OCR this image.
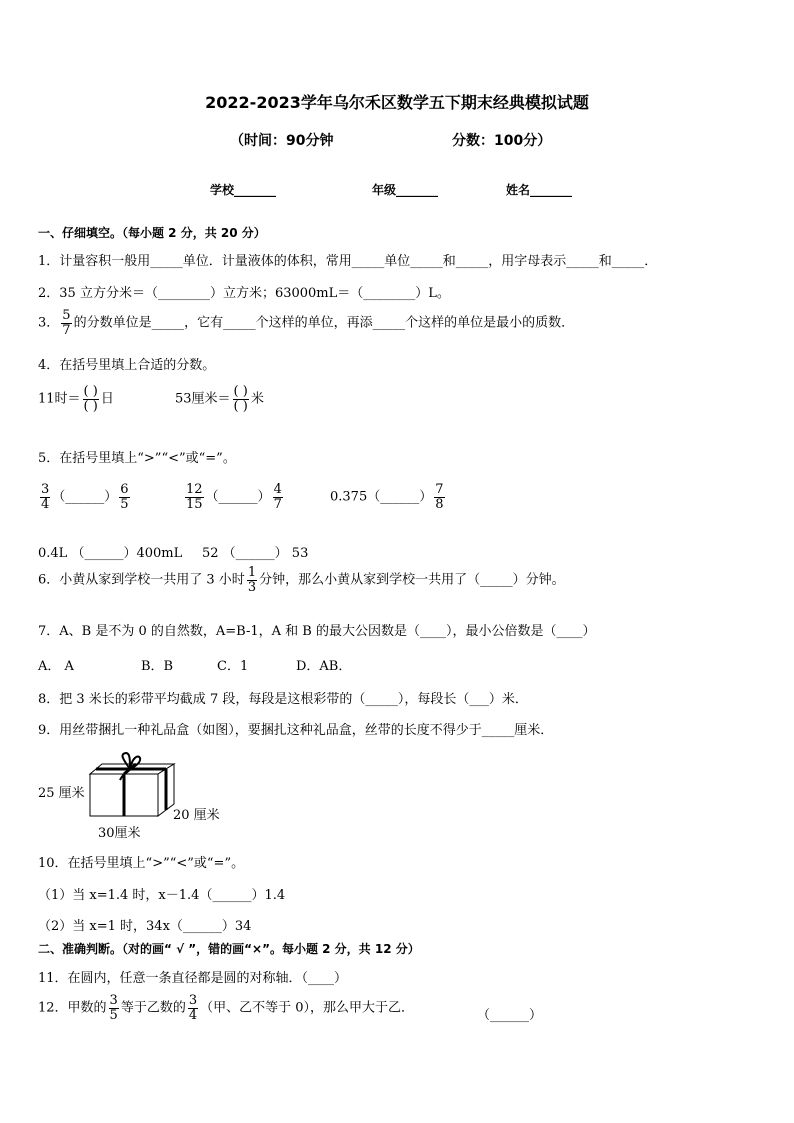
2022-2023学年乌尔禾区数学五下期末经典模拟试题
（时间：90分钟	分数：100分）
学校_______	年级_______	姓名_______
一、仔细填空。（每小题 2 分，共 20 分）
1．计量容积一般用_____单位．计量液体的体积，常用_____单位_____和_____，用字母表示_____和_____．
2．35 立方分米＝（________）立方米；63000mL＝（________）L。
3． $\frac{5}{7}$ 的分数单位是_____，它有_____个这样的单位，再添_____个这样的单位是最小的质数．
4．在括号里填上合适的分数。
11时＝ $\frac{( )}{( )}$ 日	53厘米＝ $\frac{( )}{( )}$ 米
5．在括号里填上“>”“<”或“=”。
$\frac{3}{4}$ （______） $\frac{6}{5}$	$\frac{12}{15}$ （______） $\frac{4}{7}$	0.375（______） $\frac{7}{8}$
0.4L （______）400mL 52 （______） 53
6．小黄从家到学校一共用了 3 小时 $\frac{1}{3}$ 分钟，那么小黄从家到学校一共用了（_____）分钟。
7．A、B 是不为 0 的自然数，A=B-1，A 和 B 的最大公因数是（____），最小公倍数是（____）
A． A	B．B	C．1	D．AB．
8．把 3 米长的彩带平均截成 7 段，每段是这根彩带的（_____），每段长（___）米．
9．用丝带捆扎一种礼品盒（如图），要捆扎这种礼品盒，丝带的长度不得少于_____厘米．
25 厘米
20 厘米
30厘米
10．在括号里填上“>”“<”或“=”。
（1）当 x=1.4 时，x－1.4（______）1.4
（2）当 x=1 时，34x（______）34
二、准确判断。（对的画“ √ ”，错的画“×”。每小题 2 分，共 12 分）
11．在圆内，任意一条直径都是圆的对称轴．（____）
12．甲数的 $\frac{3}{5}$ 等于乙数的 $\frac{3}{4}$ （甲、乙不等于 0），那么甲大于乙．	（______）
